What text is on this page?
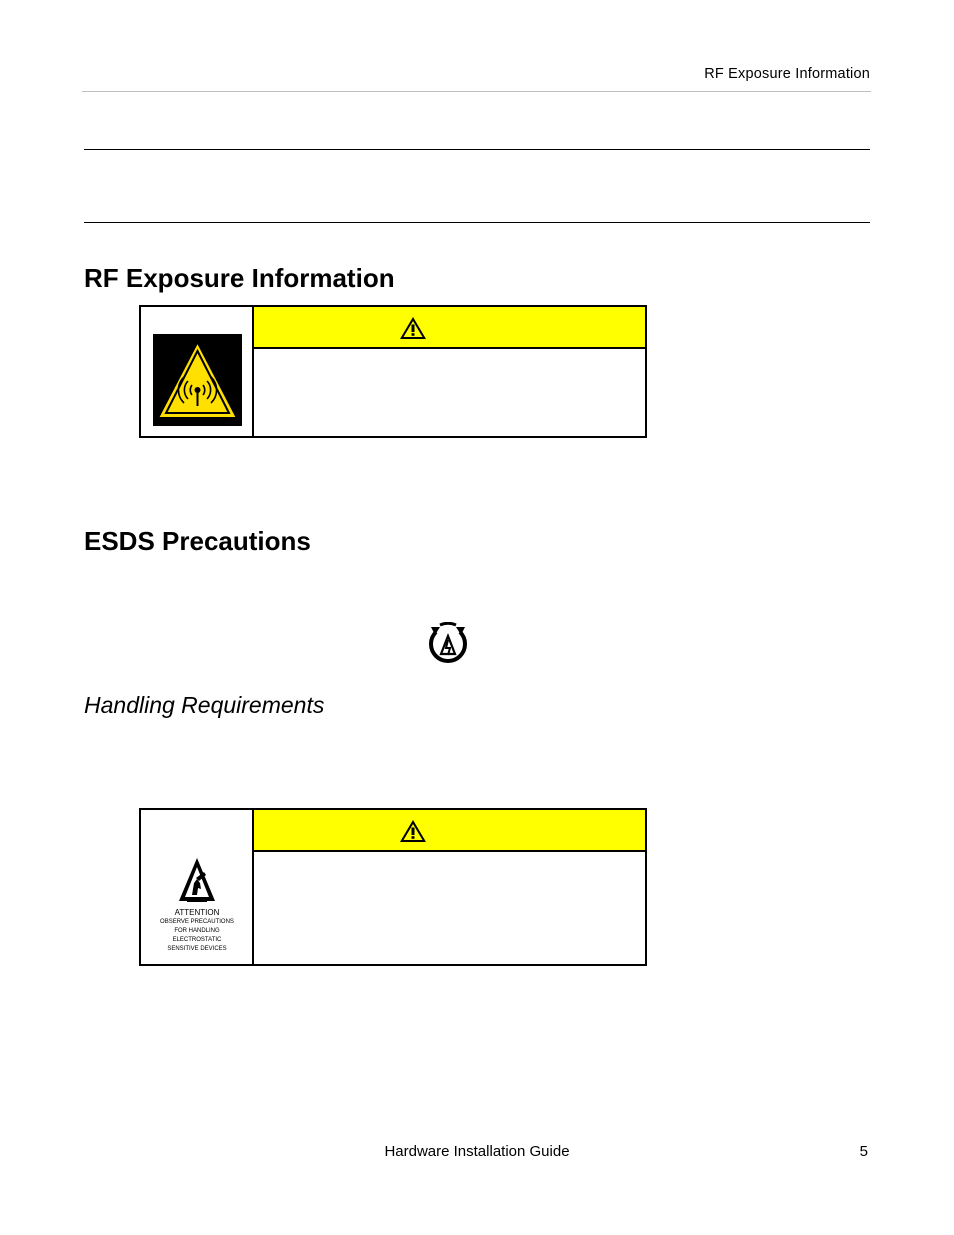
RF Exposure Information
RF Exposure Information
ESDS Precautions
Handling Requirements
ATTENTION
OBSERVE PRECAUTIONS
FOR HANDLING
ELECTROSTATIC
SENSITIVE DEVICES
Hardware Installation Guide	5
